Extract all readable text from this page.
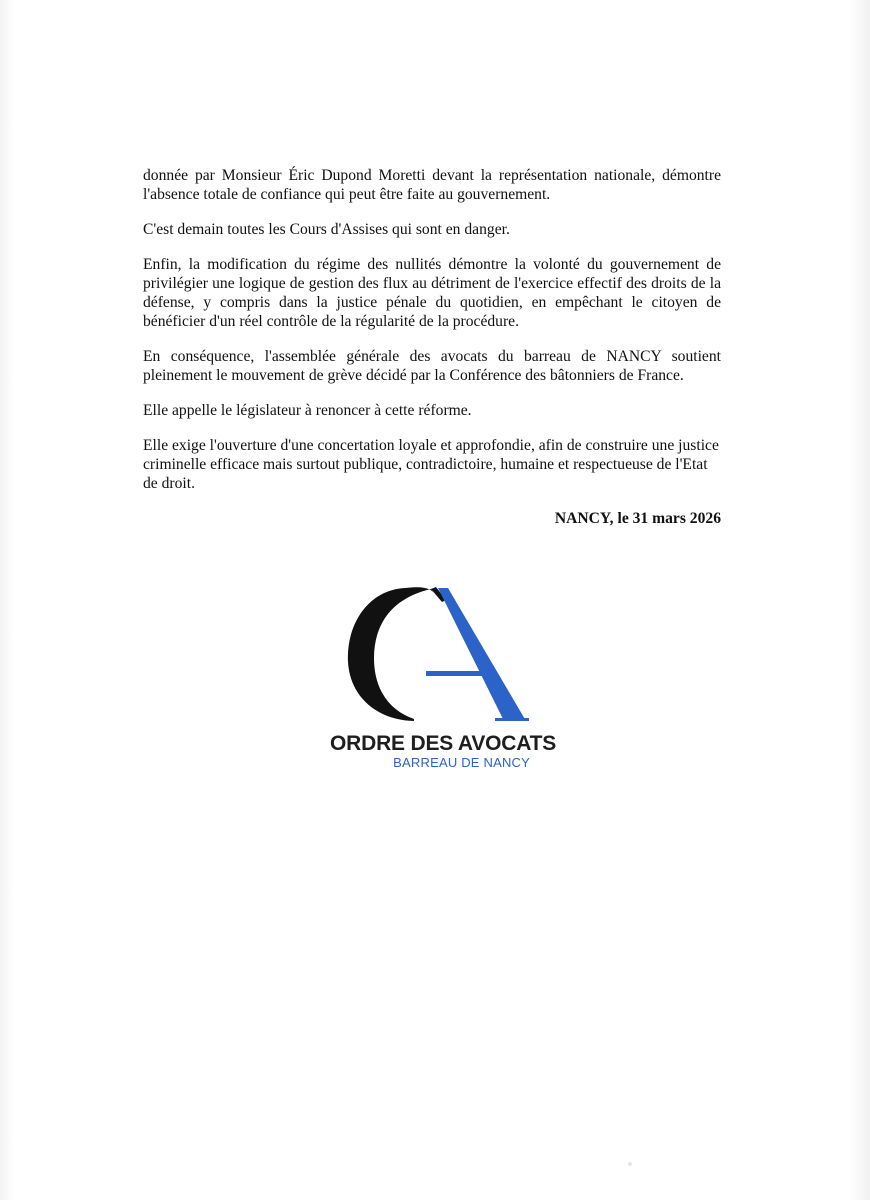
donnée par Monsieur Éric Dupond Moretti devant la représentation nationale, démontre l'absence totale de confiance qui peut être faite au gouvernement.

C'est demain toutes les Cours d'Assises qui sont en danger.

Enfin, la modification du régime des nullités démontre la volonté du gouvernement de privilégier une logique de gestion des flux au détriment de l'exercice effectif des droits de la défense, y compris dans la justice pénale du quotidien, en empêchant le citoyen de bénéficier d'un réel contrôle de la régularité de la procédure.

En conséquence, l'assemblée générale des avocats du barreau de NANCY soutient pleinement le mouvement de grève décidé par la Conférence des bâtonniers de France.

Elle appelle le législateur à renoncer à cette réforme.

Elle exige l'ouverture d'une concertation loyale et approfondie, afin de construire une justice criminelle efficace mais surtout publique, contradictoire, humaine et respectueuse de l'Etat de droit.

NANCY, le 31 mars 2026
ORDRE DES AVOCATS
BARREAU DE NANCY
